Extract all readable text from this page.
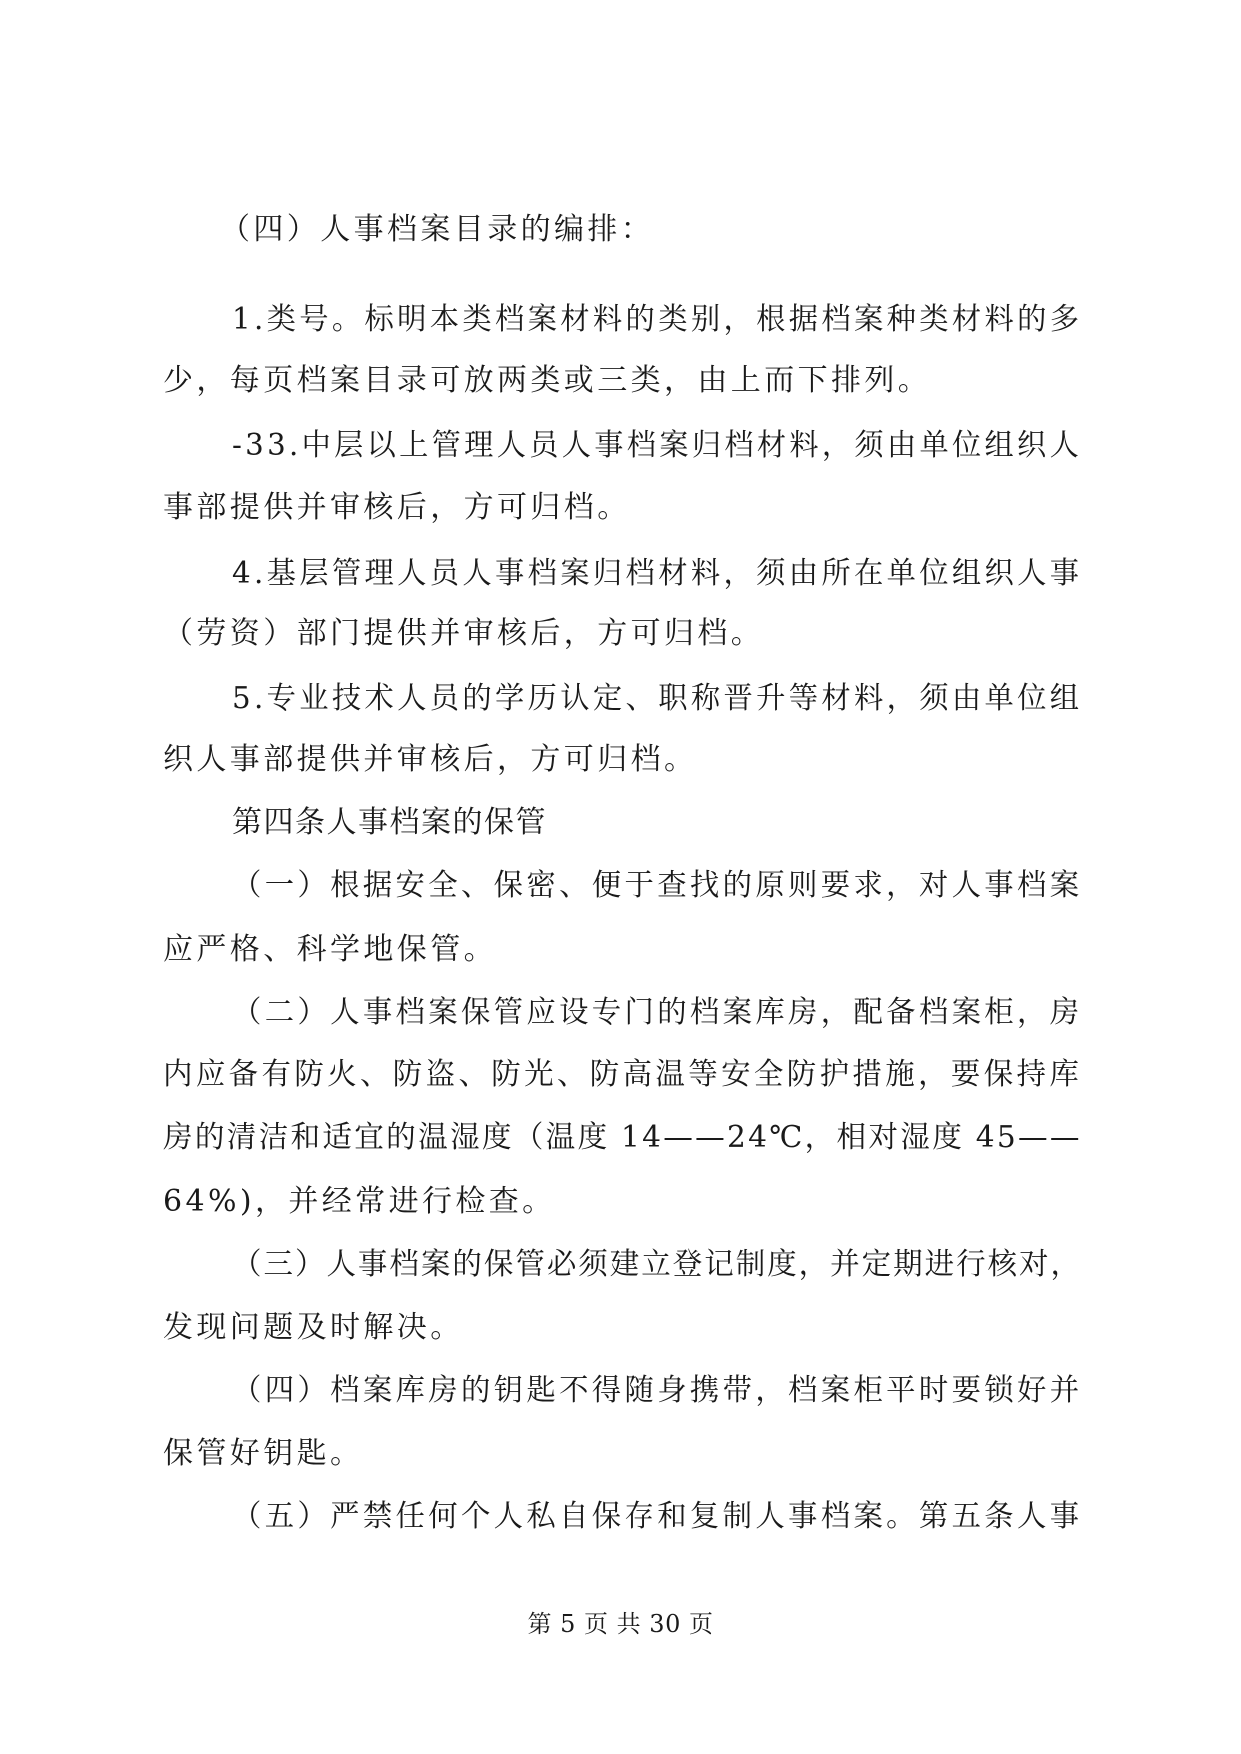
（四）人事档案目录的编排：
1.类号。标明本类档案材料的类别，根据档案种类材料的多
少，每页档案目录可放两类或三类，由上而下排列。
-33.中层以上管理人员人事档案归档材料，须由单位组织人
事部提供并审核后，方可归档。
4.基层管理人员人事档案归档材料，须由所在单位组织人事
（劳资）部门提供并审核后，方可归档。
5.专业技术人员的学历认定、职称晋升等材料，须由单位组
织人事部提供并审核后，方可归档。
第四条人事档案的保管
（一）根据安全、保密、便于查找的原则要求，对人事档案
应严格、科学地保管。
（二）人事档案保管应设专门的档案库房，配备档案柜，房
内应备有防火、防盗、防光、防高温等安全防护措施，要保持库
房的清洁和适宜的温湿度（温度 14——24℃，相对湿度 45——
64%)，并经常进行检查。
（三）人事档案的保管必须建立登记制度，并定期进行核对，
发现问题及时解决。
（四）档案库房的钥匙不得随身携带，档案柜平时要锁好并
保管好钥匙。
（五）严禁任何个人私自保存和复制人事档案。第五条人事
第 5 页 共 30 页
